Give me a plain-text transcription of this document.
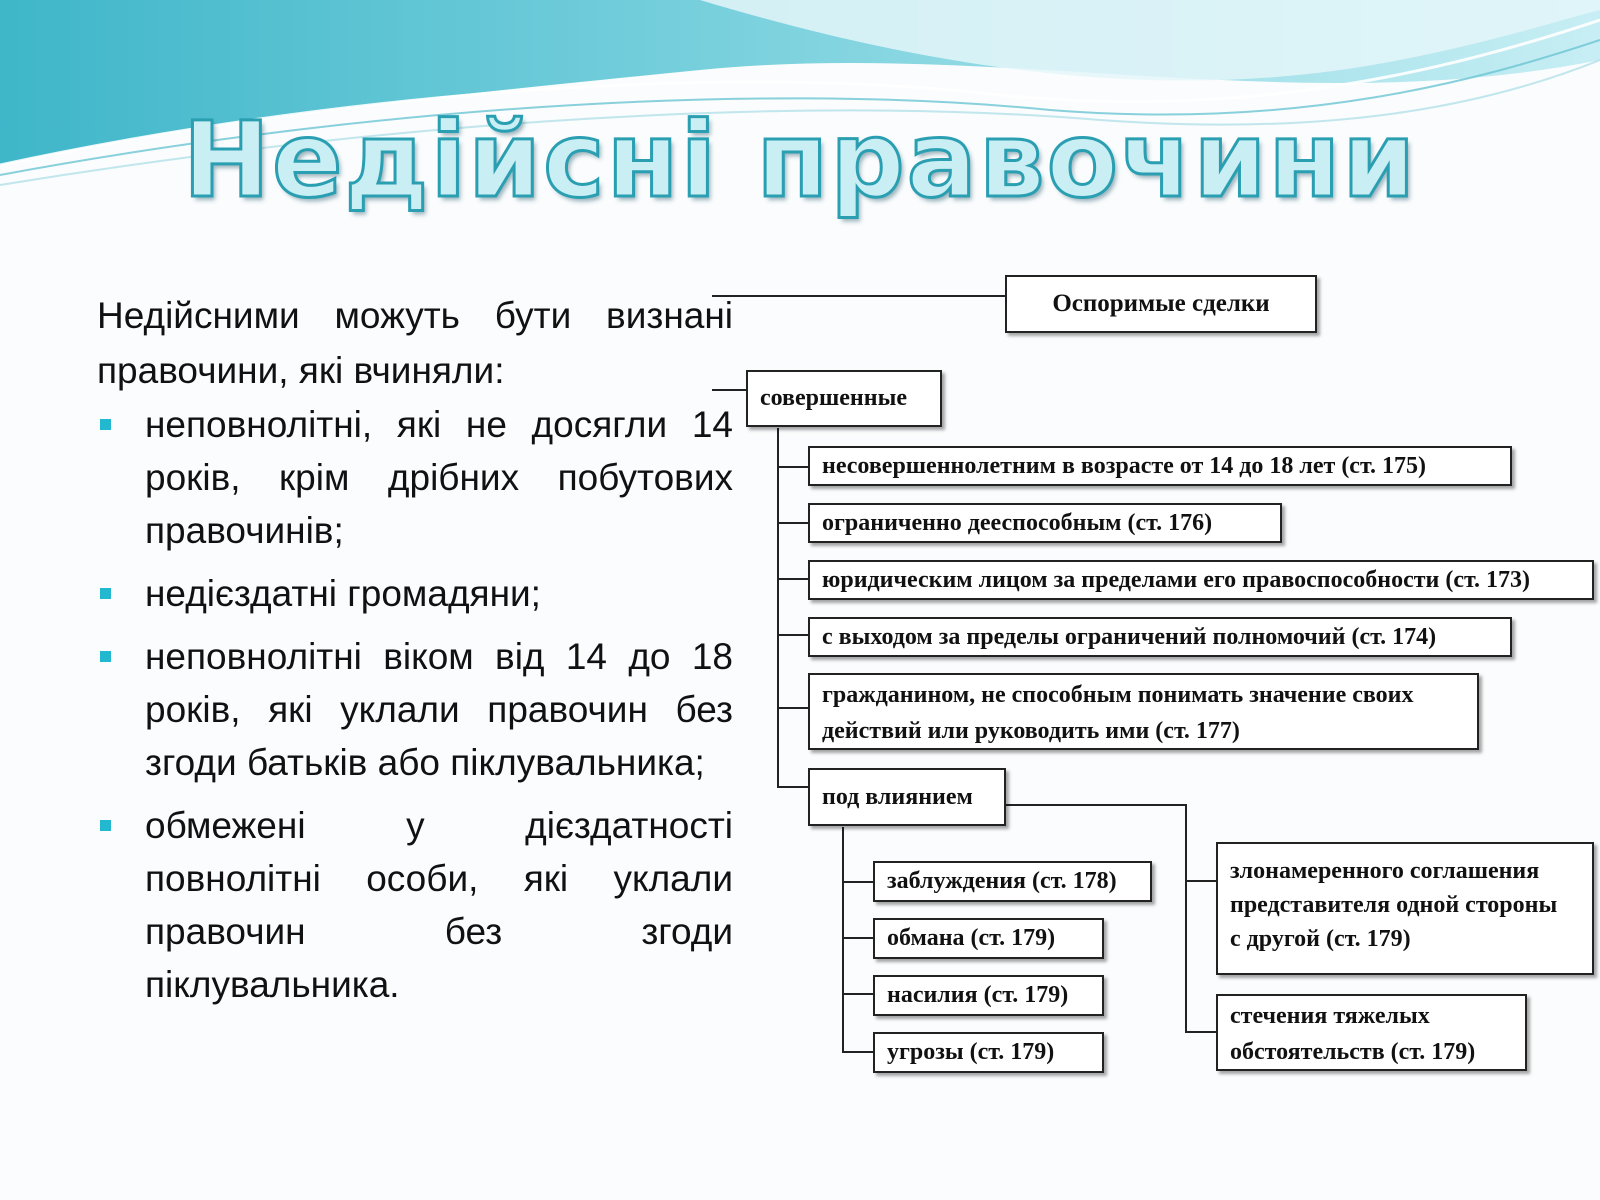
Недійсні правочини
Недійсними можуть бути визнані
правочини, які вчиняли:
неповнолітні, які не досягли 14 років, крім дрібних побутових правочинів;
недієздатні громадяни;
неповнолітні віком від 14 до 18 років, які уклали правочин без згоди батьків або піклувальника;
обмежені у дієздатності повнолітні особи, які уклали правочин без згоди піклувальника.
Оспоримые сделки
совершенные
несовершеннолетним в возрасте от 14 до 18 лет (ст. 175)
ограниченно дееспособным (ст. 176)
юридическим лицом за пределами его правоспособности (ст. 173)
с выходом за пределы ограничений полномочий (ст. 174)
гражданином, не способным понимать значение своих
действий или руководить ими (ст. 177)
под влиянием
заблуждения (ст. 178)
обмана (ст. 179)
насилия (ст. 179)
угрозы (ст. 179)
злонамеренного соглашения
представителя одной стороны
с другой (ст. 179)
стечения тяжелых
обстоятельств (ст. 179)
